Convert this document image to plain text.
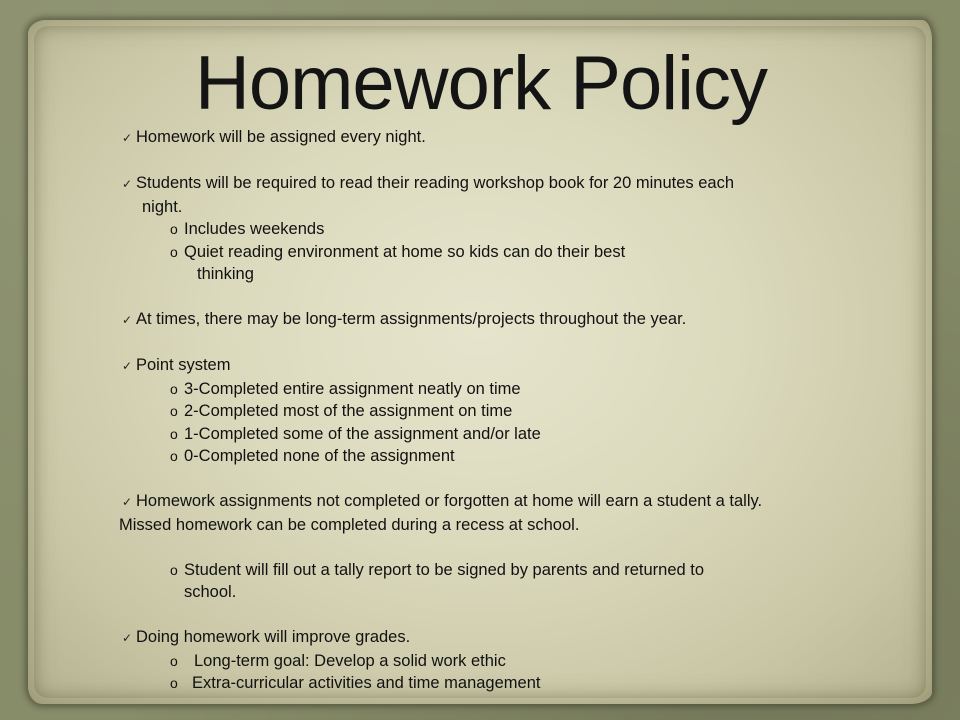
Homework Policy
✓ Homework will be assigned every night.
✓ Students will be required to read their reading workshop book for 20 minutes each
night.
o Includes weekends
o Quiet reading environment at home so kids can do their best
thinking
✓ At times, there may be long-term assignments/projects throughout the year.
✓ Point system
o 3-Completed entire assignment neatly on time
o 2-Completed most of the assignment on time
o 1-Completed some of the assignment and/or late
o 0-Completed none of the assignment
✓ Homework assignments not completed or forgotten at home will earn a student a tally.
Missed homework can be completed during a recess at school.
o Student will fill out a tally report to be signed by parents and returned to
school.
✓ Doing homework will improve grades.
o Long-term goal: Develop a solid work ethic
o Extra-curricular activities and time management
